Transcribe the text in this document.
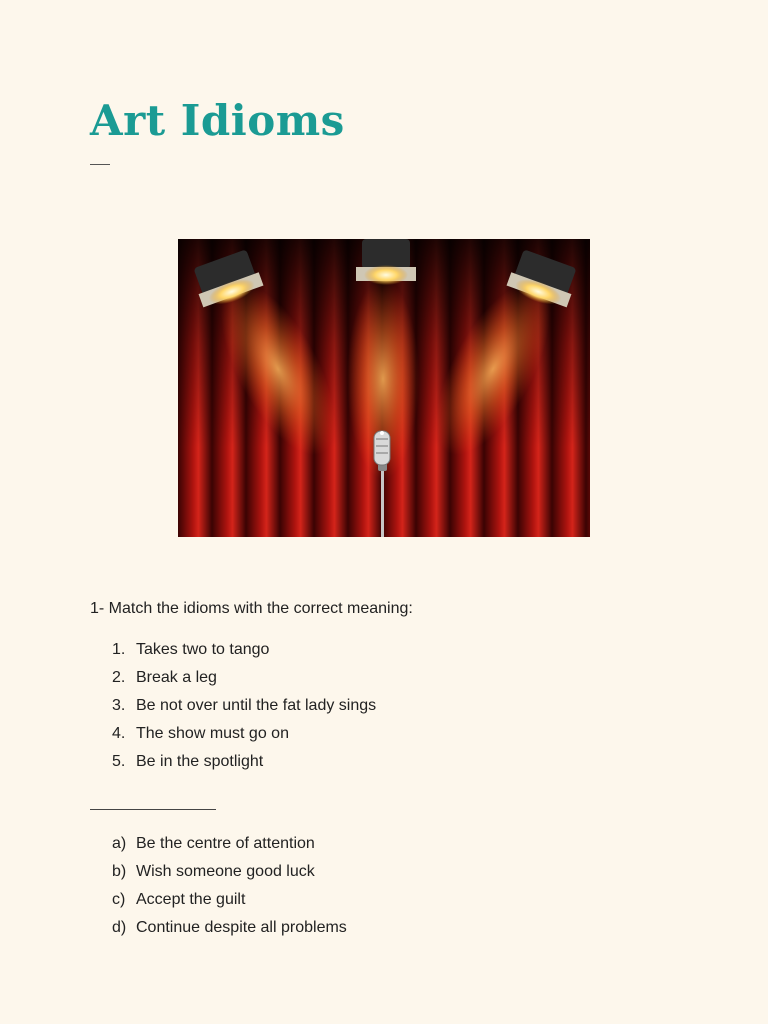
Art Idioms

1- Match the idioms with the correct meaning:

1. Takes two to tango
2. Break a leg
3. Be not over until the fat lady sings
4. The show must go on
5. Be in the spotlight
a) Be the centre of attention
b) Wish someone good luck
c) Accept the guilt
d) Continue despite all problems
